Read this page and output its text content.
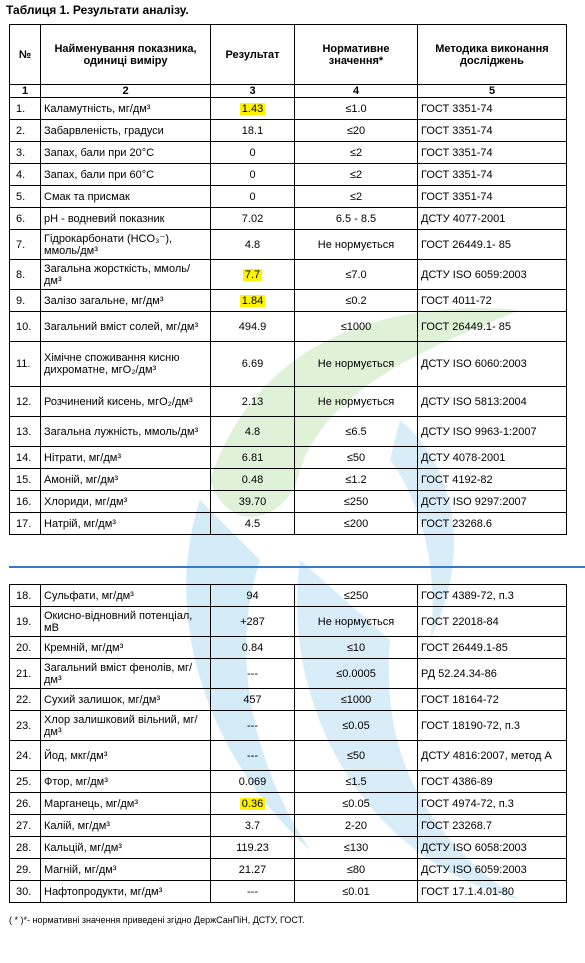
Таблиця 1. Результати аналізу.
№	Найменування показника, одиниці виміру	Результат	Нормативне значення*	Методика виконання досліджень
1	2	3	4	5
1.	Каламутність, мг/дм³	1.43	≤1.0	ГОСТ 3351-74
2.	Забарвленість, градуси	18.1	≤20	ГОСТ 3351-74
3.	Запах, бали при 20°С	0	≤2	ГОСТ 3351-74
4.	Запах, бали при 60°С	0	≤2	ГОСТ 3351-74
5.	Смак та присмак	0	≤2	ГОСТ 3351-74
6.	рН - водневий показник	7.02	6.5 - 8.5	ДСТУ 4077-2001
7.	Гідрокарбонати (HCO₃⁻), ммоль/дм³	4.8	Не нормується	ГОСТ 26449.1- 85
8.	Загальна жорсткість, ммоль/дм³	7.7	≤7.0	ДСТУ ISO 6059:2003
9.	Залізо загальне, мг/дм³	1.84	≤0.2	ГОСТ 4011-72
10.	Загальний вміст солей, мг/дм³	494.9	≤1000	ГОСТ 26449.1- 85
11.	Хімічне споживання кисню дихроматне, мгО₂/дм³	6.69	Не нормується	ДСТУ ISO 6060:2003
12.	Розчинений кисень, мгО₂/дм³	2.13	Не нормується	ДСТУ ISO 5813:2004
13.	Загальна лужність, ммоль/дм³	4.8	≤6.5	ДСТУ ISO 9963-1:2007
14.	Нітрати, мг/дм³	6.81	≤50	ДСТУ 4078-2001
15.	Амоній, мг/дм³	0.48	≤1.2	ГОСТ 4192-82
16.	Хлориди, мг/дм³	39.70	≤250	ДСТУ ISO 9297:2007
17.	Натрій, мг/дм³	4.5	≤200	ГОСТ 23268.6
18.	Сульфати, мг/дм³	94	≤250	ГОСТ 4389-72, п.3
19.	Окисно-відновний потенціал, мВ	+287	Не нормується	ГОСТ 22018-84
20.	Кремній, мг/дм³	0.84	≤10	ГОСТ 26449.1-85
21.	Загальний вміст фенолів, мг/дм³	---	≤0.0005	РД 52.24.34-86
22.	Сухий залишок, мг/дм³	457	≤1000	ГОСТ 18164-72
23.	Хлор залишковий вільний, мг/дм³	---	≤0.05	ГОСТ 18190-72, п.3
24.	Йод, мкг/дм³	---	≤50	ДСТУ 4816:2007, метод А
25.	Фтор, мг/дм³	0.069	≤1.5	ГОСТ 4386-89
26.	Марганець, мг/дм³	0.36	≤0.05	ГОСТ 4974-72, п.3
27.	Калій, мг/дм³	3.7	2-20	ГОСТ 23268.7
28.	Кальцій, мг/дм³	119.23	≤130	ДСТУ ISO 6058:2003
29.	Магній, мг/дм³	21.27	≤80	ДСТУ ISO 6059:2003
30.	Нафтопродукти, мг/дм³	---	≤0.01	ГОСТ 17.1.4.01-80
( * )*- нормативні значення приведені згідно ДержСанПіН, ДСТУ, ГОСТ.
